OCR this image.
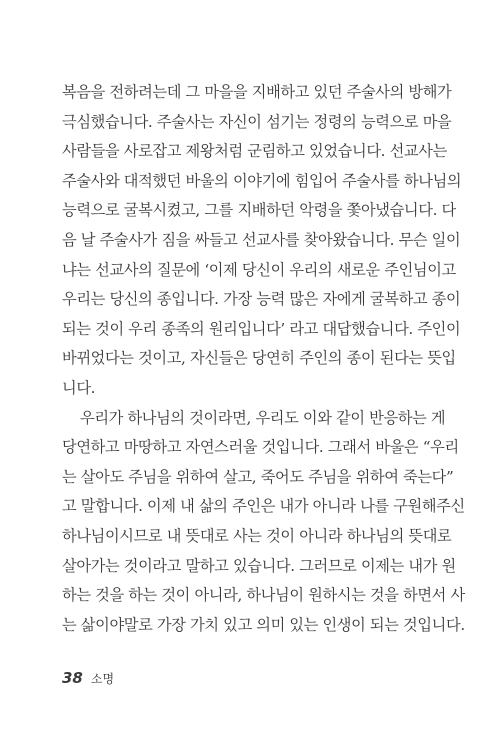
복음을 전하려는데 그 마을을 지배하고 있던 주술사의 방해가
극심했습니다. 주술사는 자신이 섬기는 정령의 능력으로 마을
사람들을 사로잡고 제왕처럼 군림하고 있었습니다. 선교사는
주술사와 대적했던 바울의 이야기에 힘입어 주술사를 하나님의
능력으로 굴복시켰고, 그를 지배하던 악령을 쫓아냈습니다. 다
음 날 주술사가 짐을 싸들고 선교사를 찾아왔습니다. 무슨 일이
냐는 선교사의 질문에 ‘이제 당신이 우리의 새로운 주인님이고
우리는 당신의 종입니다. 가장 능력 많은 자에게 굴복하고 종이
되는 것이 우리 종족의 원리입니다’ 라고 대답했습니다. 주인이
바뀌었다는 것이고, 자신들은 당연히 주인의 종이 된다는 뜻입
니다.
우리가 하나님의 것이라면, 우리도 이와 같이 반응하는 게
당연하고 마땅하고 자연스러울 것입니다. 그래서 바울은 “우리
는 살아도 주님을 위하여 살고, 죽어도 주님을 위하여 죽는다”
고 말합니다. 이제 내 삶의 주인은 내가 아니라 나를 구원해주신
하나님이시므로 내 뜻대로 사는 것이 아니라 하나님의 뜻대로
살아가는 것이라고 말하고 있습니다. 그러므로 이제는 내가 원
하는 것을 하는 것이 아니라, 하나님이 원하시는 것을 하면서 사
는 삶이야말로 가장 가치 있고 의미 있는 인생이 되는 것입니다.
38 소명
